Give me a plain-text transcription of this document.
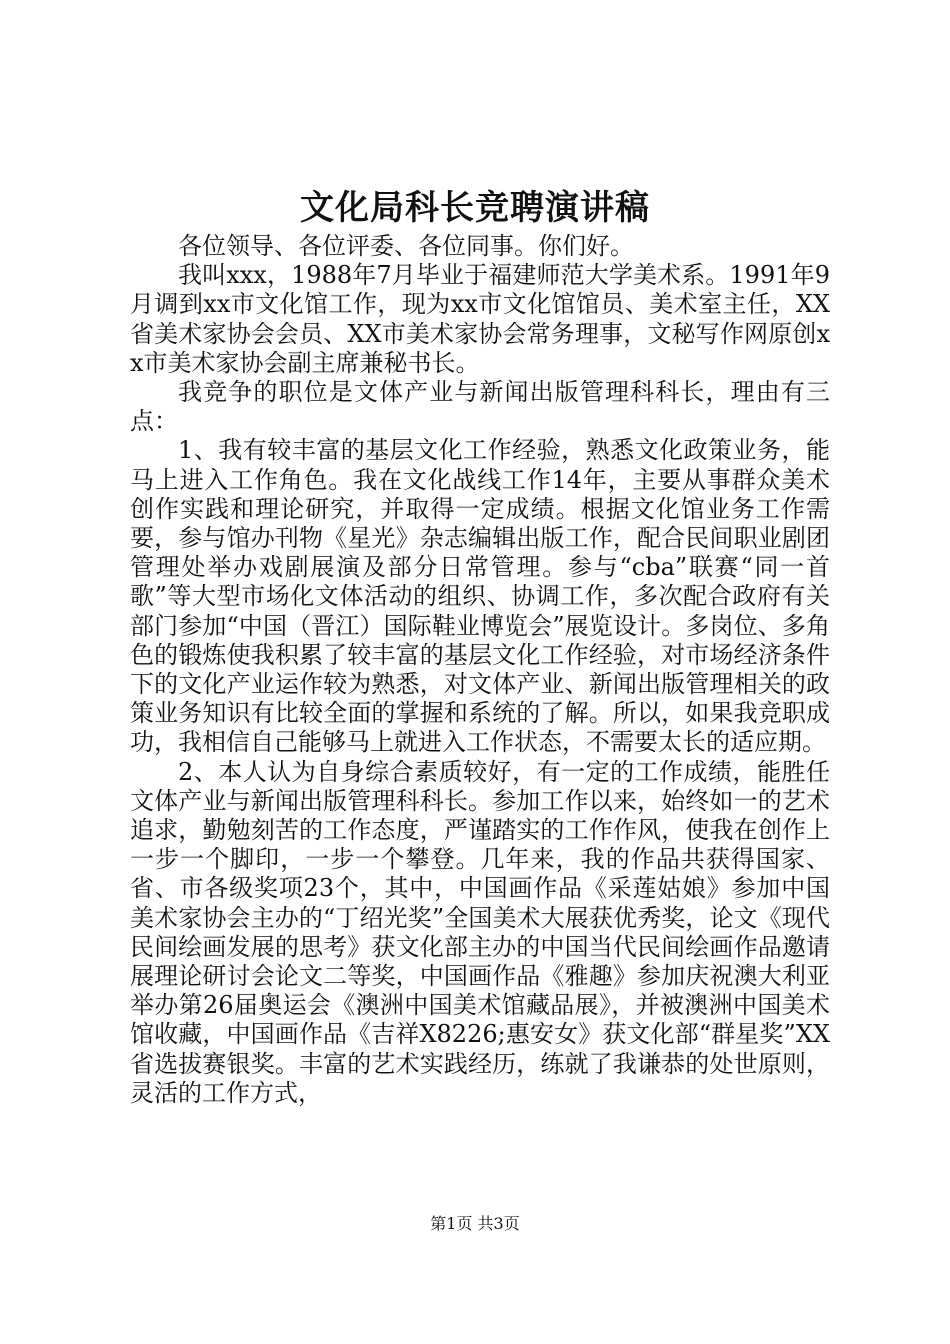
文化局科长竞聘演讲稿

各位领导、各位评委、各位同事。你们好。

我叫xxx，1988年7月毕业于福建师范大学美术系。1991年9月调到xx市文化馆工作，现为xx市文化馆馆员、美术室主任，XX省美术家协会会员、XX市美术家协会常务理事，文秘写作网原创xx市美术家协会副主席兼秘书长。

我竞争的职位是文体产业与新闻出版管理科科长，理由有三点：

1、我有较丰富的基层文化工作经验，熟悉文化政策业务，能马上进入工作角色。我在文化战线工作14年，主要从事群众美术创作实践和理论研究，并取得一定成绩。根据文化馆业务工作需要，参与馆办刊物《星光》杂志编辑出版工作，配合民间职业剧团管理处举办戏剧展演及部分日常管理。参与“cba”联赛“同一首歌”等大型市场化文体活动的组织、协调工作，多次配合政府有关部门参加“中国（晋江）国际鞋业博览会”展览设计。多岗位、多角色的锻炼使我积累了较丰富的基层文化工作经验，对市场经济条件下的文化产业运作较为熟悉，对文体产业、新闻出版管理相关的政策业务知识有比较全面的掌握和系统的了解。所以，如果我竞职成功，我相信自己能够马上就进入工作状态，不需要太长的适应期。

2、本人认为自身综合素质较好，有一定的工作成绩，能胜任文体产业与新闻出版管理科科长。参加工作以来，始终如一的艺术追求，勤勉刻苦的工作态度，严谨踏实的工作作风，使我在创作上一步一个脚印，一步一个攀登。几年来，我的作品共获得国家、省、市各级奖项23个，其中，中国画作品《采莲姑娘》参加中国美术家协会主办的“丁绍光奖”全国美术大展获优秀奖，论文《现代民间绘画发展的思考》获文化部主办的中国当代民间绘画作品邀请展理论研讨会论文二等奖，中国画作品《雅趣》参加庆祝澳大利亚举办第26届奥运会《澳洲中国美术馆藏品展》，并被澳洲中国美术馆收藏，中国画作品《吉祥X8226;惠安女》获文化部“群星奖”XX省选拔赛银奖。丰富的艺术实践经历，练就了我谦恭的处世原则，灵活的工作方式，

第1页 共3页
